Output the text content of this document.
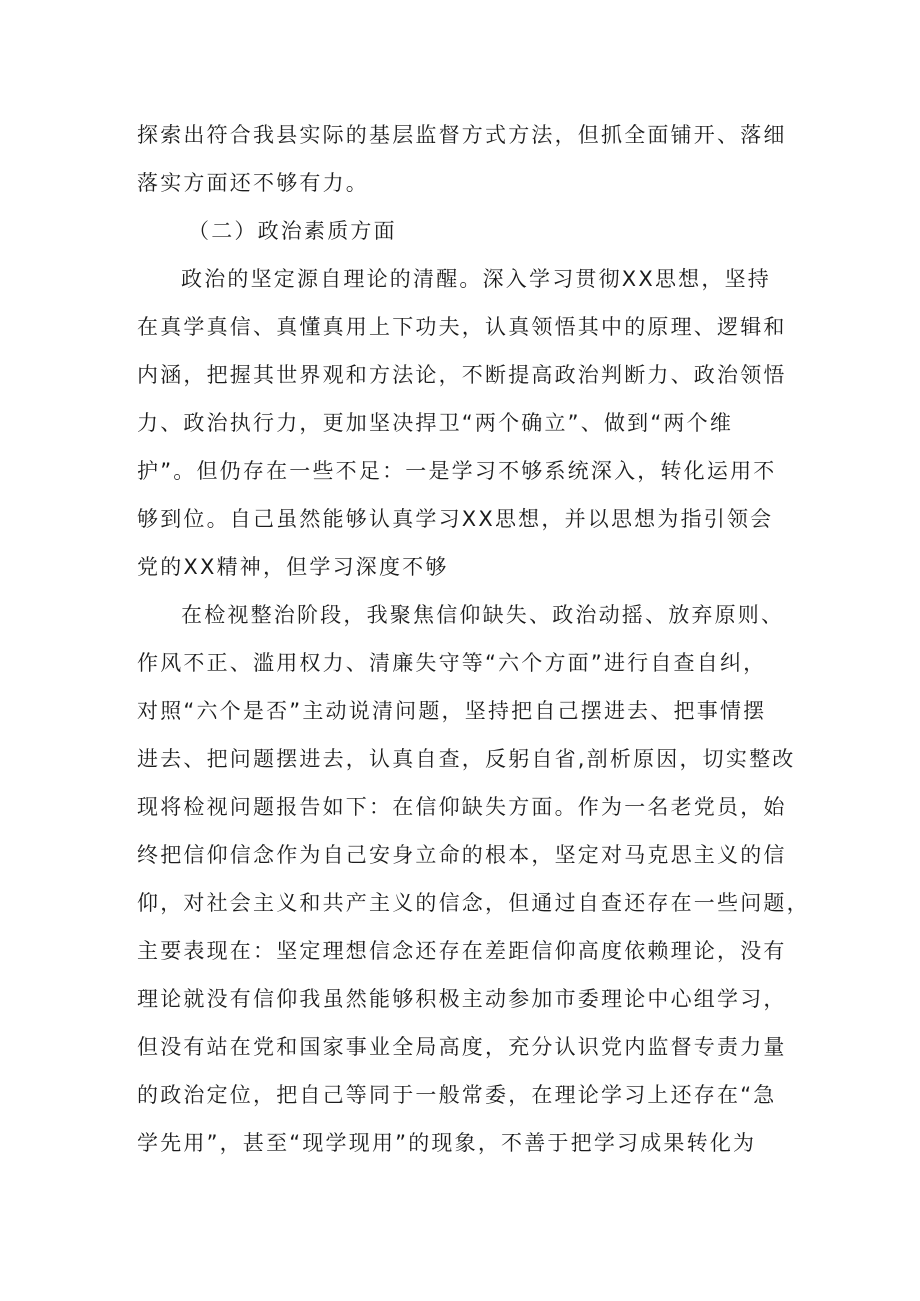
探索出符合我县实际的基层监督方式方法，但抓全面铺开、落细
落实方面还不够有力。
（二）政治素质方面
政治的坚定源自理论的清醒。深入学习贯彻XX思想，坚持
在真学真信、真懂真用上下功夫，认真领悟其中的原理、逻辑和
内涵，把握其世界观和方法论，不断提高政治判断力、政治领悟
力、政治执行力，更加坚决捍卫“两个确立”、做到“两个维
护”。但仍存在一些不足：一是学习不够系统深入，转化运用不
够到位。自己虽然能够认真学习XX思想，并以思想为指引领会
党的XX精神，但学习深度不够
在检视整治阶段，我聚焦信仰缺失、政治动摇、放弃原则、
作风不正、滥用权力、清廉失守等“六个方面”进行自查自纠，
对照“六个是否”主动说清问题，坚持把自己摆进去、把事情摆
进去、把问题摆进去，认真自查，反躬自省,剖析原因，切实整改
现将检视问题报告如下：在信仰缺失方面。作为一名老党员，始
终把信仰信念作为自己安身立命的根本，坚定对马克思主义的信
仰，对社会主义和共产主义的信念，但通过自查还存在一些问题，
主要表现在：坚定理想信念还存在差距信仰高度依赖理论，没有
理论就没有信仰我虽然能够积极主动参加市委理论中心组学习，
但没有站在党和国家事业全局高度，充分认识党内监督专责力量
的政治定位，把自己等同于一般常委，在理论学习上还存在“急
学先用”，甚至“现学现用”的现象，不善于把学习成果转化为
